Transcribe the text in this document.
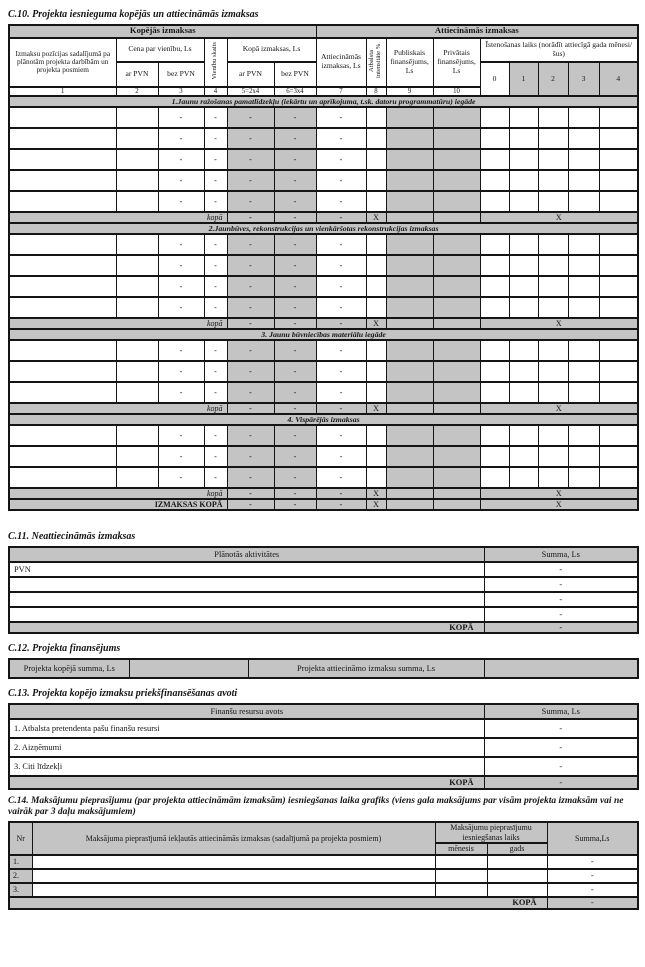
C.10. Projekta iesnieguma kopējās un attiecināmās izmaksas
Kopējās izmaksas						Attiecināmās izmaksas								
Izmaksu pozīcijas sadalījumā pa plānotām projekta darbībām un projekta posmiem	Cena par vienību, Ls		Vienību skaits	Kopā izmaksas, Ls		Attiecināmās izmaksas, Ls	Atbalsta intensitāte %	Publiskais finansējums, Ls	Privātais finansējums, Ls	Īstenošanas laiks (norādīt attiecīgā gada mēnesi/šus)				
	ar PVN	bez PVN		ar PVN	bez PVN					0	1	2	3	4
1	2	3	4	5=2x4	6=3x4	7	8	9	10					
1.Jaunu ražošanas pamatlīdzekļu (iekārtu un aprīkojuma, t.sk. datoru programmatūru) iegāde														
		-	-	-	-	-								
		-	-	-	-	-								
		-	-	-	-	-								
		-	-	-	-	-								
		-	-	-	-	-								
kopā				-	-	-	X			X				
2.Jaunbūves, rekonstrukcijas un vienkāršotas rekonstrukcijas izmaksas														
		-	-	-	-	-								
		-	-	-	-	-								
		-	-	-	-	-								
		-	-	-	-	-								
kopā				-	-	-	X			X				
3. Jaunu būvniecības materiālu iegāde														
		-	-	-	-	-								
		-	-	-	-	-								
		-	-	-	-	-								
kopā				-	-	-	X			X				
4. Vispārējās izmaksas														
		-	-	-	-	-								
		-	-	-	-	-								
		-	-	-	-	-								
kopā				-	-	-	X			X				
IZMAKSAS KOPĀ				-	-	-	X			X				
C.11. Neattiecināmās izmaksas
Plānotās aktivitātes	Summa, Ls
PVN	-
	-
	-
	-
KOPĀ	-
C.12. Projekta finansējums
Projekta kopējā summa, Ls		Projekta attiecināmo izmaksu summa, Ls	
C.13. Projekta kopējo izmaksu priekšfinansēšanas avoti
Finanšu resursu avots	Summa, Ls
1. Atbalsta pretendenta pašu finanšu resursi	-
2. Aizņēmumi	-
3. Citi līdzekļi	-
KOPĀ	-
C.14. Maksājumu pieprasījumu (par projekta attiecināmām izmaksām) iesniegšanas laika grafiks (viens gala maksājums par visām projekta izmaksām vai ne vairāk par 3 daļu maksājumiem)
Nr	Maksājuma pieprasījumā iekļautās attiecināmās izmaksas (sadalījumā pa projekta posmiem)	Maksājumu pieprasījumu iesniegšanas laiks		Summa,Ls
		mēnesis	gads	
1.				-
2.				-
3.				-
KOPĀ				-
